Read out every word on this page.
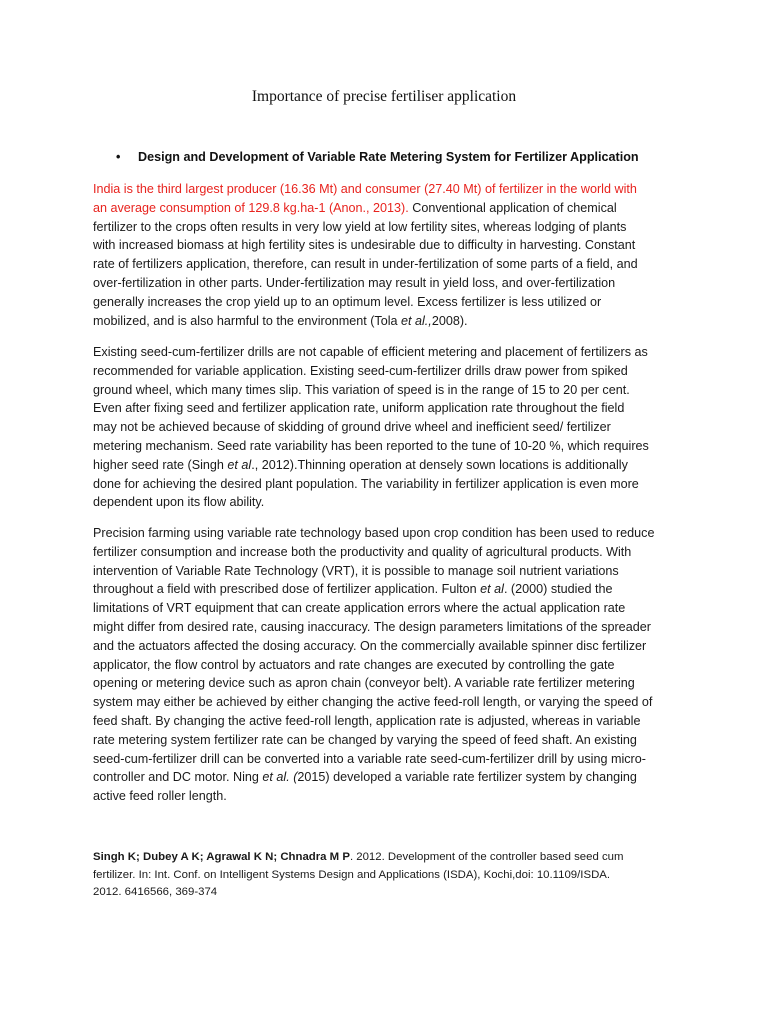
Importance of precise fertiliser application
• Design and Development of Variable Rate Metering System for Fertilizer Application

India is the third largest producer (16.36 Mt) and consumer (27.40 Mt) of fertilizer in the world with
an average consumption of 129.8 kg.ha-1 (Anon., 2013). Conventional application of chemical
fertilizer to the crops often results in very low yield at low fertility sites, whereas lodging of plants
with increased biomass at high fertility sites is undesirable due to difficulty in harvesting. Constant
rate of fertilizers application, therefore, can result in under-fertilization of some parts of a field, and
over-fertilization in other parts. Under-fertilization may result in yield loss, and over-fertilization
generally increases the crop yield up to an optimum level. Excess fertilizer is less utilized or
mobilized, and is also harmful to the environment (Tola et al.,2008).

Existing seed-cum-fertilizer drills are not capable of efficient metering and placement of fertilizers as
recommended for variable application. Existing seed-cum-fertilizer drills draw power from spiked
ground wheel, which many times slip. This variation of speed is in the range of 15 to 20 per cent.
Even after fixing seed and fertilizer application rate, uniform application rate throughout the field
may not be achieved because of skidding of ground drive wheel and inefficient seed/ fertilizer
metering mechanism. Seed rate variability has been reported to the tune of 10-20 %, which requires
higher seed rate (Singh et al., 2012).Thinning operation at densely sown locations is additionally
done for achieving the desired plant population. The variability in fertilizer application is even more
dependent upon its flow ability.

Precision farming using variable rate technology based upon crop condition has been used to reduce
fertilizer consumption and increase both the productivity and quality of agricultural products. With
intervention of Variable Rate Technology (VRT), it is possible to manage soil nutrient variations
throughout a field with prescribed dose of fertilizer application. Fulton et al. (2000) studied the
limitations of VRT equipment that can create application errors where the actual application rate
might differ from desired rate, causing inaccuracy. The design parameters limitations of the spreader
and the actuators affected the dosing accuracy. On the commercially available spinner disc fertilizer
applicator, the flow control by actuators and rate changes are executed by controlling the gate
opening or metering device such as apron chain (conveyor belt). A variable rate fertilizer metering
system may either be achieved by either changing the active feed-roll length, or varying the speed of
feed shaft. By changing the active feed-roll length, application rate is adjusted, whereas in variable
rate metering system fertilizer rate can be changed by varying the speed of feed shaft. An existing
seed-cum-fertilizer drill can be converted into a variable rate seed-cum-fertilizer drill by using micro-
controller and DC motor. Ning et al. (2015) developed a variable rate fertilizer system by changing
active feed roller length.

Singh K; Dubey A K; Agrawal K N; Chnadra M P. 2012. Development of the controller based seed cum
fertilizer. In: Int. Conf. on Intelligent Systems Design and Applications (ISDA), Kochi,doi: 10.1109/ISDA.
2012. 6416566, 369-374
